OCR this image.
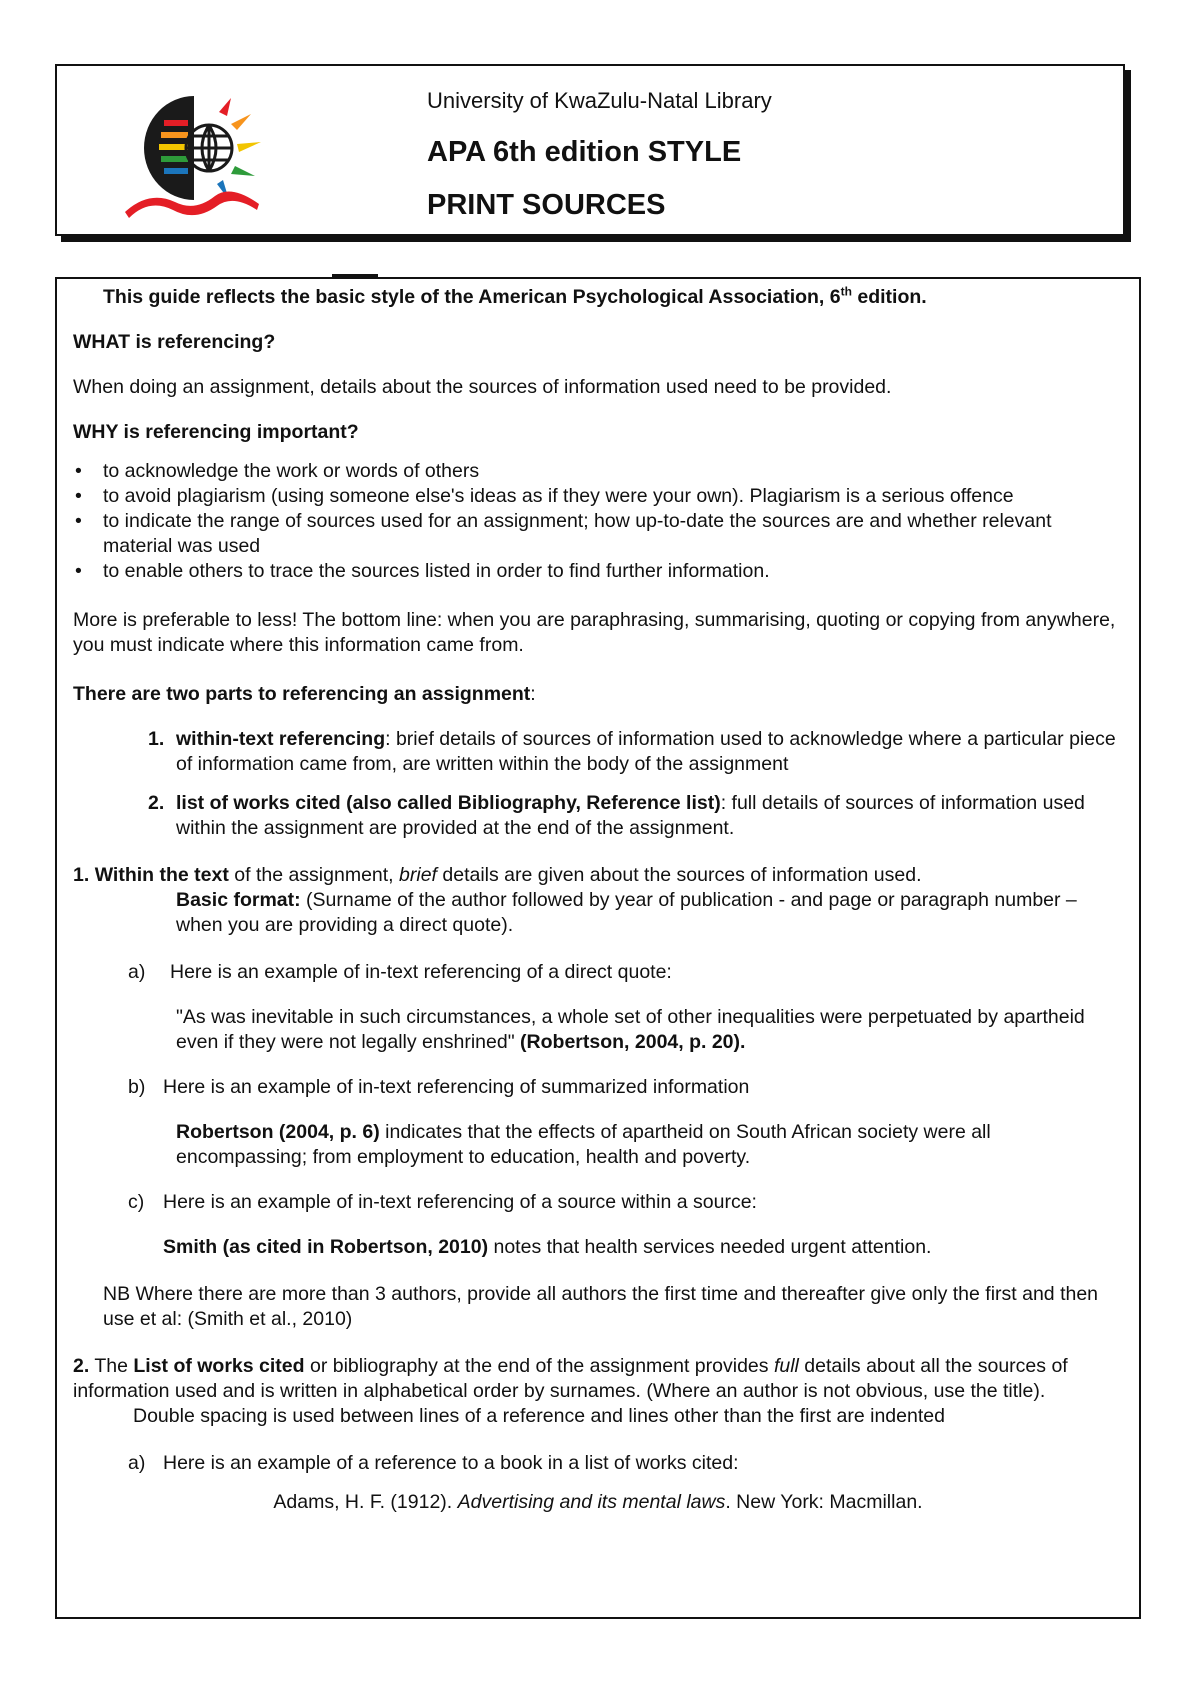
University of KwaZulu-Natal Library
APA 6th edition STYLE
PRINT SOURCES

This guide reflects the basic style of the American Psychological Association, 6th edition.

WHAT is referencing?

When doing an assignment, details about the sources of information used need to be provided.

WHY is referencing important?

• to acknowledge the work or words of others
• to avoid plagiarism (using someone else's ideas as if they were your own). Plagiarism is a serious offence
• to indicate the range of sources used for an assignment; how up-to-date the sources are and whether relevant material was used
• to enable others to trace the sources listed in order to find further information.

More is preferable to less! The bottom line: when you are paraphrasing, summarising, quoting or copying from anywhere, you must indicate where this information came from.

There are two parts to referencing an assignment:

1. within-text referencing: brief details of sources of information used to acknowledge where a particular piece of information came from, are written within the body of the assignment

2. list of works cited (also called Bibliography, Reference list): full details of sources of information used within the assignment are provided at the end of the assignment.

1. Within the text of the assignment, brief details are given about the sources of information used.

Basic format: (Surname of the author followed by year of publication - and page or paragraph number – when you are providing a direct quote).

a) Here is an example of in-text referencing of a direct quote:

"As was inevitable in such circumstances, a whole set of other inequalities were perpetuated by apartheid even if they were not legally enshrined" (Robertson, 2004, p. 20).

b) Here is an example of in-text referencing of summarized information

Robertson (2004, p. 6) indicates that the effects of apartheid on South African society were all encompassing; from employment to education, health and poverty.

c) Here is an example of in-text referencing of a source within a source:

Smith (as cited in Robertson, 2010) notes that health services needed urgent attention.

NB Where there are more than 3 authors, provide all authors the first time and thereafter give only the first and then use et al: (Smith et al., 2010)

2. The List of works cited or bibliography at the end of the assignment provides full details about all the sources of information used and is written in alphabetical order by surnames. (Where an author is not obvious, use the title).

Double spacing is used between lines of a reference and lines other than the first are indented

a) Here is an example of a reference to a book in a list of works cited:

Adams, H. F. (1912). Advertising and its mental laws. New York: Macmillan.
